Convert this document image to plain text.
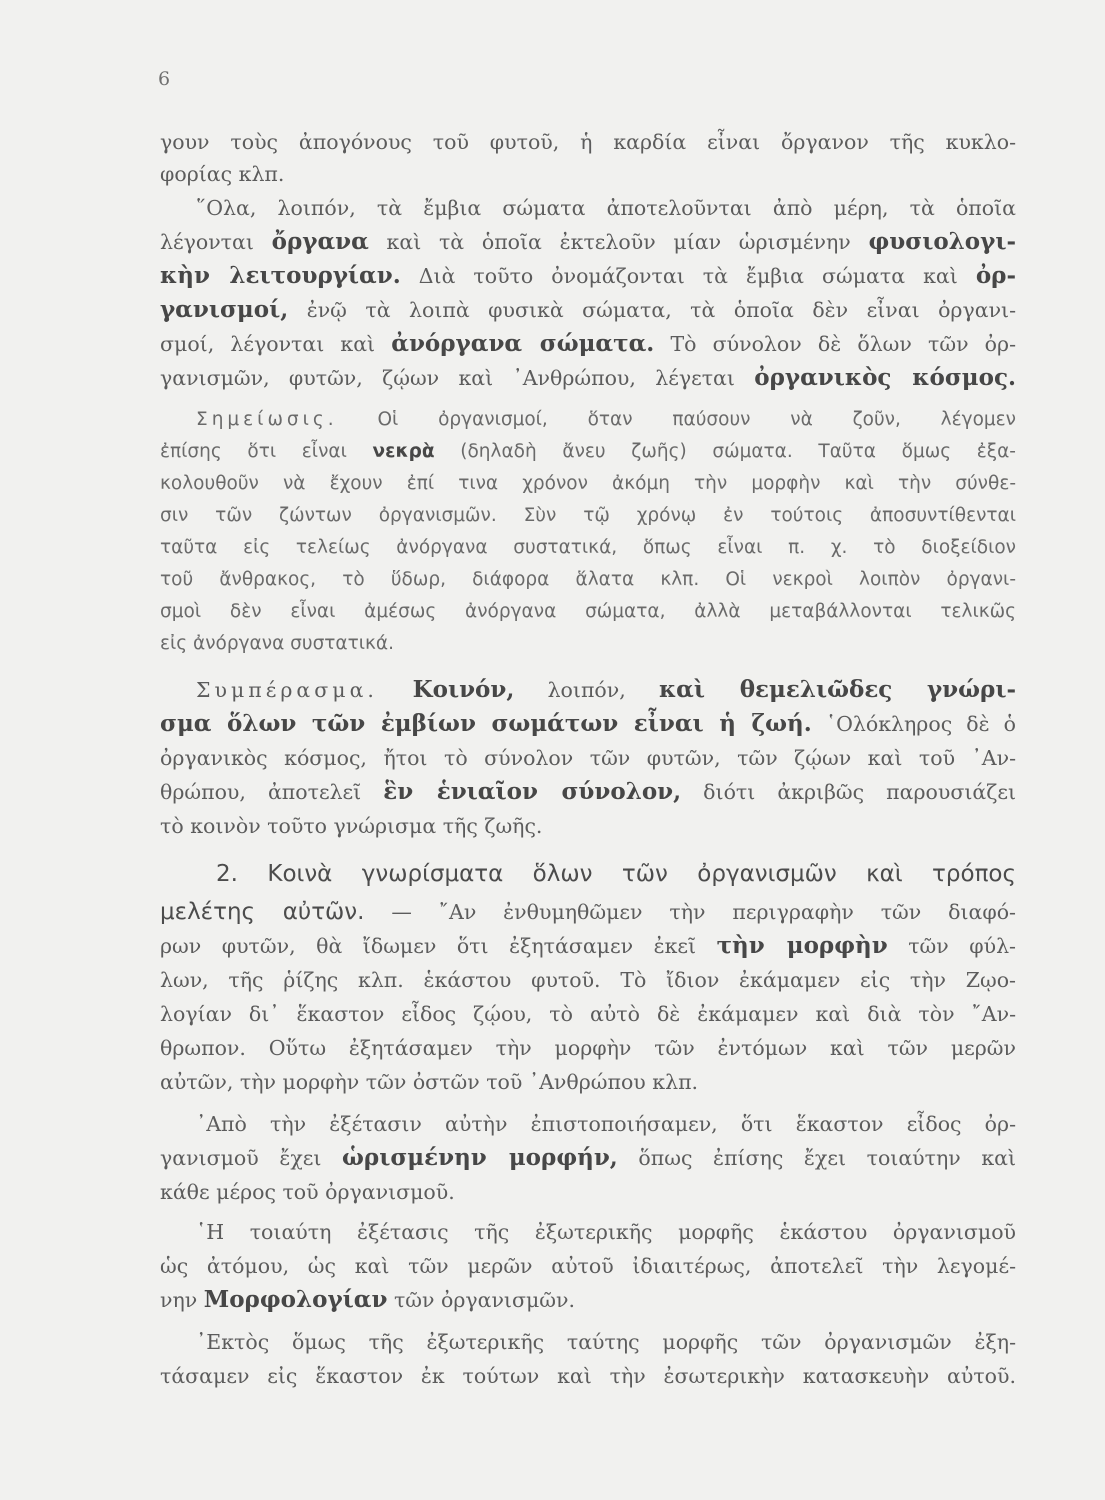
6
γουν τοὺς ἀπογόνους τοῦ φυτοῦ, ἡ καρδία εἶναι ὄργανον τῆς κυκλο-
φορίας κλπ.
῞Ολα, λοιπόν, τὰ ἔμβια σώματα ἀποτελοῦνται ἀπὸ μέρη, τὰ ὁποῖα
λέγονται ὄργανα καὶ τὰ ὁποῖα ἐκτελοῦν μίαν ὡρισμένην φυσιολογι-
κὴν λειτουργίαν. Διὰ τοῦτο ὀνομάζονται τὰ ἔμβια σώματα καὶ ὀρ-
γανισμοί, ἐνῷ τὰ λοιπὰ φυσικὰ σώματα, τὰ ὁποῖα δὲν εἶναι ὀργανι-
σμοί, λέγονται καὶ ἀνόργανα σώματα. Τὸ σύνολον δὲ ὅλων τῶν ὀρ-
γανισμῶν, φυτῶν, ζῴων καὶ ᾿Ανθρώπου, λέγεται ὀργανικὸς κόσμος.
Σημείωσις. Οἱ ὀργανισμοί, ὅταν παύσουν νὰ ζοῦν, λέγομεν
ἐπίσης ὅτι εἶναι νεκρὰ (δηλαδὴ ἄνευ ζωῆς) σώματα. Ταῦτα ὅμως ἐξα-
κολουθοῦν νὰ ἔχουν ἐπί τινα χρόνον ἀκόμη τὴν μορφὴν καὶ τὴν σύνθε-
σιν τῶν ζώντων ὀργανισμῶν. Σὺν τῷ χρόνῳ ἐν τούτοις ἀποσυντίθενται
ταῦτα εἰς τελείως ἀνόργανα συστατικά, ὅπως εἶναι π. χ. τὸ διοξείδιον
τοῦ ἄνθρακος, τὸ ὕδωρ, διάφορα ἅλατα κλπ. Οἱ νεκροὶ λοιπὸν ὀργανι-
σμοὶ δὲν εἶναι ἀμέσως ἀνόργανα σώματα, ἀλλὰ μεταβάλλονται τελικῶς
εἰς ἀνόργανα συστατικά.
Συμπέρασμα. Κοινόν, λοιπόν, καὶ θεμελιῶδες γνώρι-
σμα ὅλων τῶν ἐμβίων σωμάτων εἶναι ἡ ζωή. ῾Ολόκληρος δὲ ὁ
ὀργανικὸς κόσμος, ἤτοι τὸ σύνολον τῶν φυτῶν, τῶν ζῴων καὶ τοῦ ᾿Αν-
θρώπου, ἀποτελεῖ ἓν ἑνιαῖον σύνολον, διότι ἀκριβῶς παρουσιάζει
τὸ κοινὸν τοῦτο γνώρισμα τῆς ζωῆς.
2. Κοινὰ γνωρίσματα ὅλων τῶν ὀργανισμῶν καὶ τρόπος
μελέτης αὐτῶν. — ῎Αν ἐνθυμηθῶμεν τὴν περιγραφὴν τῶν διαφό-
ρων φυτῶν, θὰ ἴδωμεν ὅτι ἐξητάσαμεν ἐκεῖ τὴν μορφὴν τῶν φύλ-
λων, τῆς ῥίζης κλπ. ἑκάστου φυτοῦ. Τὸ ἴδιον ἐκάμαμεν εἰς τὴν Ζῳο-
λογίαν δι᾿ ἕκαστον εἶδος ζῴου, τὸ αὐτὸ δὲ ἐκάμαμεν καὶ διὰ τὸν ῎Αν-
θρωπον. Οὕτω ἐξητάσαμεν τὴν μορφὴν τῶν ἐντόμων καὶ τῶν μερῶν
αὐτῶν, τὴν μορφὴν τῶν ὀστῶν τοῦ ᾿Ανθρώπου κλπ.
᾿Απὸ τὴν ἐξέτασιν αὐτὴν ἐπιστοποιήσαμεν, ὅτι ἕκαστον εἶδος ὀρ-
γανισμοῦ ἔχει ὡρισμένην μορφήν, ὅπως ἐπίσης ἔχει τοιαύτην καὶ
κάθε μέρος τοῦ ὀργανισμοῦ.
῾Η τοιαύτη ἐξέτασις τῆς ἐξωτερικῆς μορφῆς ἑκάστου ὀργανισμοῦ
ὡς ἀτόμου, ὡς καὶ τῶν μερῶν αὐτοῦ ἰδιαιτέρως, ἀποτελεῖ τὴν λεγομέ-
νην Μορφολογίαν τῶν ὀργανισμῶν.
᾿Εκτὸς ὅμως τῆς ἐξωτερικῆς ταύτης μορφῆς τῶν ὀργανισμῶν ἐξη-
τάσαμεν εἰς ἕκαστον ἐκ τούτων καὶ τὴν ἐσωτερικὴν κατασκευὴν αὐτοῦ.
